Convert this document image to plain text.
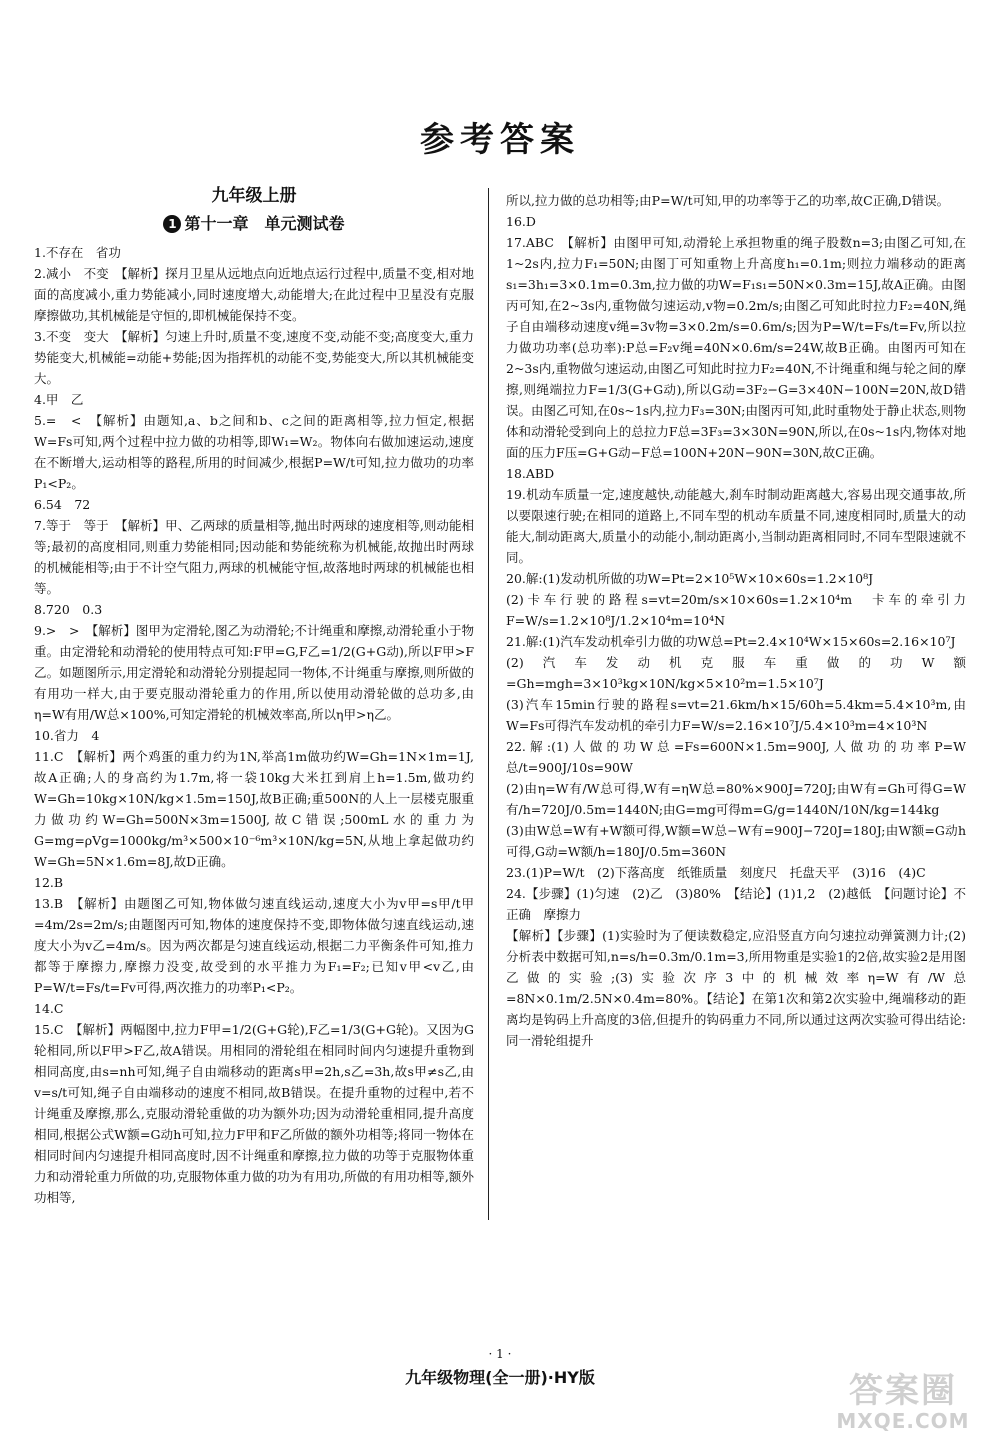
参考答案
九年级上册
1 第十一章　单元测试卷

1.不存在　省功

2.减小　不变　【解析】探月卫星从远地点向近地点运行过程中,质量不变,相对地面的高度减小,重力势能减小,同时速度增大,动能增大;在此过程中卫星没有克服摩擦做功,其机械能是守恒的,即机械能保持不变。

3.不变　变大　【解析】匀速上升时,质量不变,速度不变,动能不变;高度变大,重力势能变大,机械能=动能+势能;因为指挥机的动能不变,势能变大,所以其机械能变大。

4.甲　乙

5.=　<　【解析】由题知,a、b之间和b、c之间的距离相等,拉力恒定,根据W=Fs可知,两个过程中拉力做的功相等,即W₁=W₂。物体向右做加速运动,速度在不断增大,运动相等的路程,所用的时间减少,根据P=W/t可知,拉力做功的功率P₁<P₂。

6.54　72

7.等于　等于　【解析】甲、乙两球的质量相等,抛出时两球的速度相等,则动能相等;最初的高度相同,则重力势能相同;因动能和势能统称为机械能,故抛出时两球的机械能相等;由于不计空气阻力,两球的机械能守恒,故落地时两球的机械能也相等。

8.720　0.3

9.>　>　【解析】图甲为定滑轮,图乙为动滑轮;不计绳重和摩擦,动滑轮重小于物重。由定滑轮和动滑轮的使用特点可知:F甲=G,F乙=1/2(G+G动),所以F甲>F乙。如题图所示,用定滑轮和动滑轮分别提起同一物体,不计绳重与摩擦,则所做的有用功一样大,由于要克服动滑轮重力的作用,所以使用动滑轮做的总功多,由η=W有用/W总×100%,可知定滑轮的机械效率高,所以η甲>η乙。

10.省力　4

11.C　【解析】两个鸡蛋的重力约为1N,举高1m做功约W=Gh=1N×1m=1J,故A正确;人的身高约为1.7m,将一袋10kg大米扛到肩上h=1.5m,做功约W=Gh=10kg×10N/kg×1.5m=150J,故B正确;重500N的人上一层楼克服重力做功约W=Gh=500N×3m=1500J,故C错误;500mL水的重力为G=mg=ρVg=1000kg/m³×500×10⁻⁶m³×10N/kg=5N,从地上拿起做功约W=Gh=5N×1.6m=8J,故D正确。

12.B

13.B　【解析】由题图乙可知,物体做匀速直线运动,速度大小为v甲=s甲/t甲=4m/2s=2m/s;由题图丙可知,物体的速度保持不变,即物体做匀速直线运动,速度大小为v乙=4m/s。因为两次都是匀速直线运动,根据二力平衡条件可知,推力都等于摩擦力,摩擦力没变,故受到的水平推力为F₁=F₂;已知v甲<v乙,由P=W/t=Fs/t=Fv可得,两次推力的功率P₁<P₂。

14.C

15.C　【解析】两幅图中,拉力F甲=1/2(G+G轮),F乙=1/3(G+G轮)。又因为G轮相同,所以F甲>F乙,故A错误。用相同的滑轮组在相同时间内匀速提升重物到相同高度,由s=nh可知,绳子自由端移动的距离s甲=2h,s乙=3h,故s甲≠s乙,由v=s/t可知,绳子自由端移动的速度不相同,故B错误。在提升重物的过程中,若不计绳重及摩擦,那么,克服动滑轮重做的功为额外功;因为动滑轮重相同,提升高度相同,根据公式W额=G动h可知,拉力F甲和F乙所做的额外功相等;将同一物体在相同时间内匀速提升相同高度时,因不计绳重和摩擦,拉力做的功等于克服物体重力和动滑轮重力所做的功,克服物体重力做的功为有用功,所做的有用功相等,额外功相等,

所以,拉力做的总功相等;由P=W/t可知,甲的功率等于乙的功率,故C正确,D错误。

16.D

17.ABC　【解析】由图甲可知,动滑轮上承担物重的绳子股数n=3;由图乙可知,在1~2s内,拉力F₁=50N;由图丁可知重物上升高度h₁=0.1m;则拉力端移动的距离s₁=3h₁=3×0.1m=0.3m,拉力做的功W=F₁s₁=50N×0.3m=15J,故A正确。由图丙可知,在2~3s内,重物做匀速运动,v物=0.2m/s;由图乙可知此时拉力F₂=40N,绳子自由端移动速度v绳=3v物=3×0.2m/s=0.6m/s;因为P=W/t=Fs/t=Fv,所以拉力做功功率(总功率):P总=F₂v绳=40N×0.6m/s=24W,故B正确。由图丙可知在2~3s内,重物做匀速运动,由图乙可知此时拉力F₂=40N,不计绳重和绳与轮之间的摩擦,则绳端拉力F=1/3(G+G动),所以G动=3F₂−G=3×40N−100N=20N,故D错误。由图乙可知,在0s~1s内,拉力F₃=30N;由图丙可知,此时重物处于静止状态,则物体和动滑轮受到向上的总拉力F总=3F₃=3×30N=90N,所以,在0s~1s内,物体对地面的压力F压=G+G动−F总=100N+20N−90N=30N,故C正确。

18.ABD

19.机动车质量一定,速度越快,动能越大,刹车时制动距离越大,容易出现交通事故,所以要限速行驶;在相同的道路上,不同车型的机动车质量不同,速度相同时,质量大的动能大,制动距离大,质量小的动能小,制动距离小,当制动距离相同时,不同车型限速就不同。

20.解:(1)发动机所做的功W=Pt=2×10⁵W×10×60s=1.2×10⁸J

(2)卡车行驶的路程s=vt=20m/s×10×60s=1.2×10⁴m　卡车的牵引力F=W/s=1.2×10⁸J/1.2×10⁴m=10⁴N

21.解:(1)汽车发动机牵引力做的功W总=Pt=2.4×10⁴W×15×60s=2.16×10⁷J

(2)汽车发动机克服车重做的功W额=Gh=mgh=3×10³kg×10N/kg×5×10²m=1.5×10⁷J

(3)汽车15min行驶的路程s=vt=21.6km/h×15/60h=5.4km=5.4×10³m,由W=Fs可得汽车发动机的牵引力F=W/s=2.16×10⁷J/5.4×10³m=4×10³N

22.解:(1)人做的功W总=Fs=600N×1.5m=900J,人做功的功率P=W总/t=900J/10s=90W

(2)由η=W有/W总可得,W有=ηW总=80%×900J=720J;由W有=Gh可得G=W有/h=720J/0.5m=1440N;由G=mg可得m=G/g=1440N/10N/kg=144kg

(3)由W总=W有+W额可得,W额=W总−W有=900J−720J=180J;由W额=G动h可得,G动=W额/h=180J/0.5m=360N

23.(1)P=W/t　(2)下落高度　纸锥质量　刻度尺　托盘天平　(3)16　(4)C

24.【步骤】(1)匀速　(2)乙　(3)80%　【结论】(1)1,2　(2)越低　【问题讨论】不正确　摩擦力

【解析】【步骤】(1)实验时为了便读数稳定,应沿竖直方向匀速拉动弹簧测力计;(2)分析表中数据可知,n=s/h=0.3m/0.1m=3,所用物重是实验1的2倍,故实验2是用图乙做的实验;(3)实验次序3中的机械效率η=W有/W总=8N×0.1m/2.5N×0.4m=80%。【结论】在第1次和第2次实验中,绳端移动的距离均是钩码上升高度的3倍,但提升的钩码重力不同,所以通过这两次实验可得出结论:同一滑轮组提升

· 1 ·
九年级物理(全一册)·HY版	答案圈
MXQE.COM
